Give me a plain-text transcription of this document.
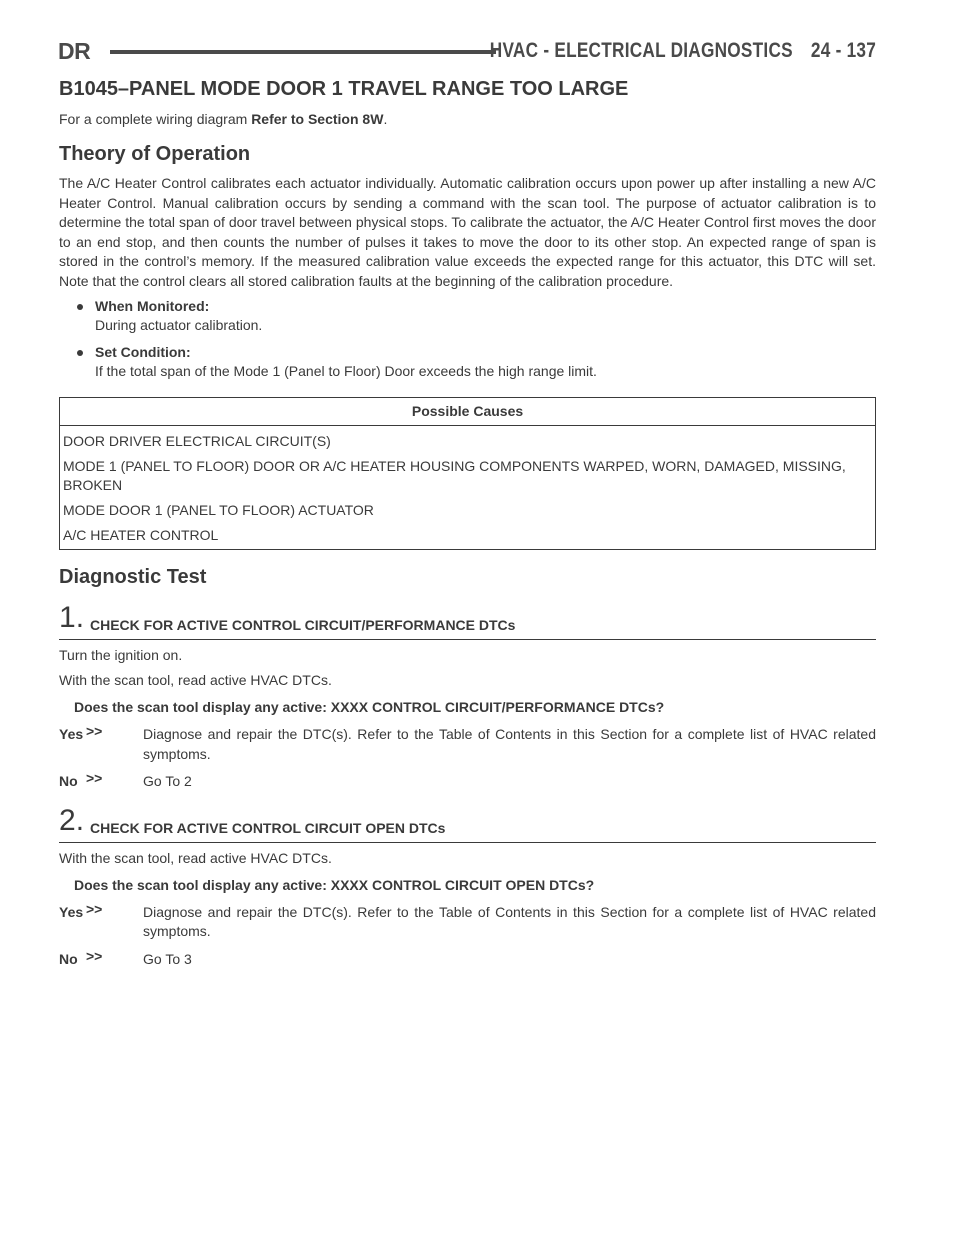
DR	HVAC - ELECTRICAL DIAGNOSTICS 24 - 137
B1045–PANEL MODE DOOR 1 TRAVEL RANGE TOO LARGE

For a complete wiring diagram Refer to Section 8W.

Theory of Operation

The A/C Heater Control calibrates each actuator individually. Automatic calibration occurs upon power up after installing a new A/C Heater Control. Manual calibration occurs by sending a command with the scan tool. The purpose of actuator calibration is to determine the total span of door travel between physical stops. To calibrate the actuator, the A/C Heater Control first moves the door to an end stop, and then counts the number of pulses it takes to move the door to its other stop. An expected range of span is stored in the control’s memory. If the measured calibration value exceeds the expected range for this actuator, this DTC will set. Note that the control clears all stored calibration faults at the beginning of the calibration procedure.

When Monitored:
During actuator calibration.
Set Condition:
If the total span of the Mode 1 (Panel to Floor) Door exceeds the high range limit.
Possible Causes
DOOR DRIVER ELECTRICAL CIRCUIT(S)
MODE 1 (PANEL TO FLOOR) DOOR OR A/C HEATER HOUSING COMPONENTS WARPED, WORN, DAMAGED, MISSING, BROKEN
MODE DOOR 1 (PANEL TO FLOOR) ACTUATOR
A/C HEATER CONTROL
Diagnostic Test
1. CHECK FOR ACTIVE CONTROL CIRCUIT/PERFORMANCE DTCs
Turn the ignition on.
With the scan tool, read active HVAC DTCs.
Does the scan tool display any active: XXXX CONTROL CIRCUIT/PERFORMANCE DTCs?
Yes >>	Diagnose and repair the DTC(s). Refer to the Table of Contents in this Section for a complete list of HVAC related symptoms.
No >>	Go To 2
2. CHECK FOR ACTIVE CONTROL CIRCUIT OPEN DTCs
With the scan tool, read active HVAC DTCs.
Does the scan tool display any active: XXXX CONTROL CIRCUIT OPEN DTCs?
Yes >>	Diagnose and repair the DTC(s). Refer to the Table of Contents in this Section for a complete list of HVAC related symptoms.
No >>	Go To 3
